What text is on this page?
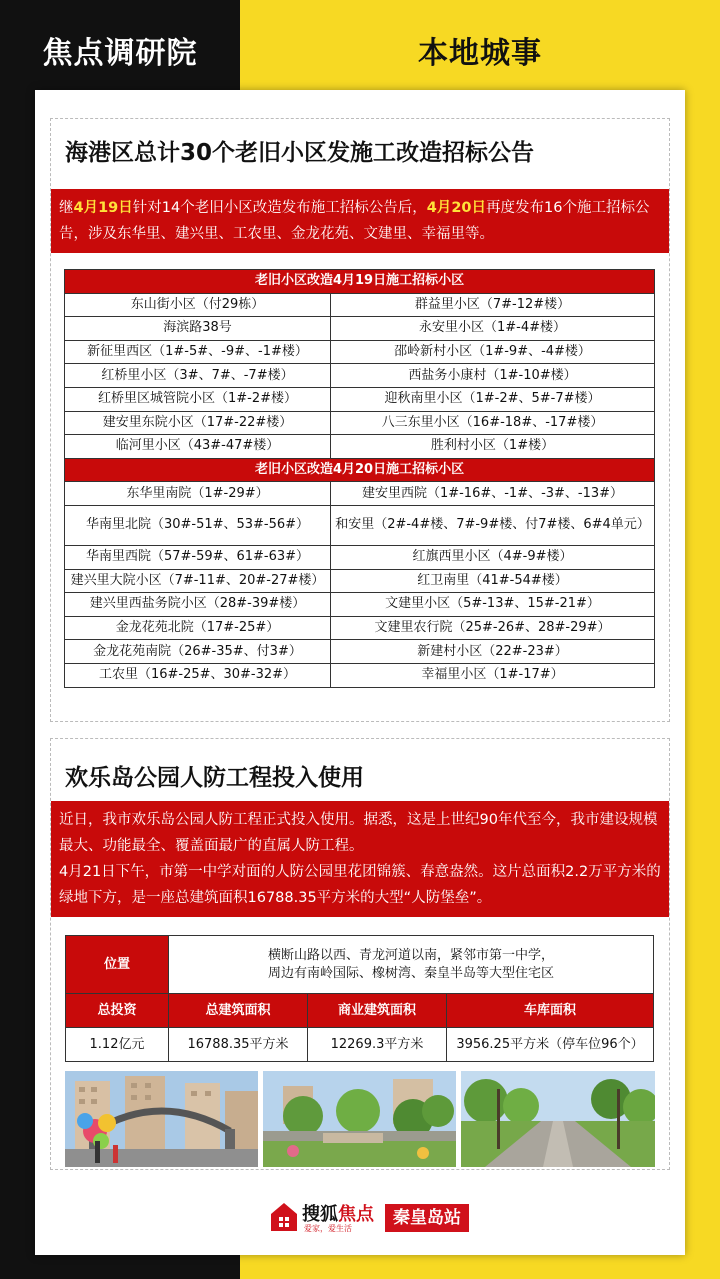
焦点调研院	本地城事
海港区总计30个老旧小区发施工改造招标公告
继4月19日针对14个老旧小区改造发布施工招标公告后，4月20日再度发布16个施工招标公告，涉及东华里、建兴里、工农里、金龙花苑、文建里、幸福里等。
老旧小区改造4月19日施工招标小区	
东山街小区（付29栋）	群益里小区（7#-12#楼）
海滨路38号	永安里小区（1#-4#楼）
新征里西区（1#-5#、-9#、-1#楼）	邵岭新村小区（1#-9#、-4#楼）
红桥里小区（3#、7#、-7#楼）	西盐务小康村（1#-10#楼）
红桥里区城管院小区（1#-2#楼）	迎秋南里小区（1#-2#、5#-7#楼）
建安里东院小区（17#-22#楼）	八三东里小区（16#-18#、-17#楼）
临河里小区（43#-47#楼）	胜利村小区（1#楼）
老旧小区改造4月20日施工招标小区	
东华里南院（1#-29#）	建安里西院（1#-16#、-1#、-3#、-13#）
华南里北院（30#-51#、53#-56#）	和安里（2#-4#楼、7#-9#楼、付7#楼、6#4单元）
华南里西院（57#-59#、61#-63#）	红旗西里小区（4#-9#楼）
建兴里大院小区（7#-11#、20#-27#楼）	红卫南里（41#-54#楼）
建兴里西盐务院小区（28#-39#楼）	文建里小区（5#-13#、15#-21#）
金龙花苑北院（17#-25#）	文建里农行院（25#-26#、28#-29#）
金龙花苑南院（26#-35#、付3#）	新建村小区（22#-23#）
工农里（16#-25#、30#-32#）	幸福里小区（1#-17#）
欢乐岛公园人防工程投入使用
近日，我市欢乐岛公园人防工程正式投入使用。据悉，这是上世纪90年代至今，我市建设规模最大、功能最全、覆盖面最广的直属人防工程。
4月21日下午，市第一中学对面的人防公园里花团锦簇、春意盎然。这片总面积2.2万平方米的绿地下方，是一座总建筑面积16788.35平方米的大型“人防堡垒”。
位置	横断山路以西、青龙河道以南，紧邻市第一中学，
周边有南岭国际、橡树湾、秦皇半岛等大型住宅区		

总投资	总建筑面积	商业建筑面积	车库面积
1.12亿元	16788.35平方米	12269.3平方米	3956.25平方米（停车位96个）
搜狐焦点
爱家，爱生活
秦皇岛站
